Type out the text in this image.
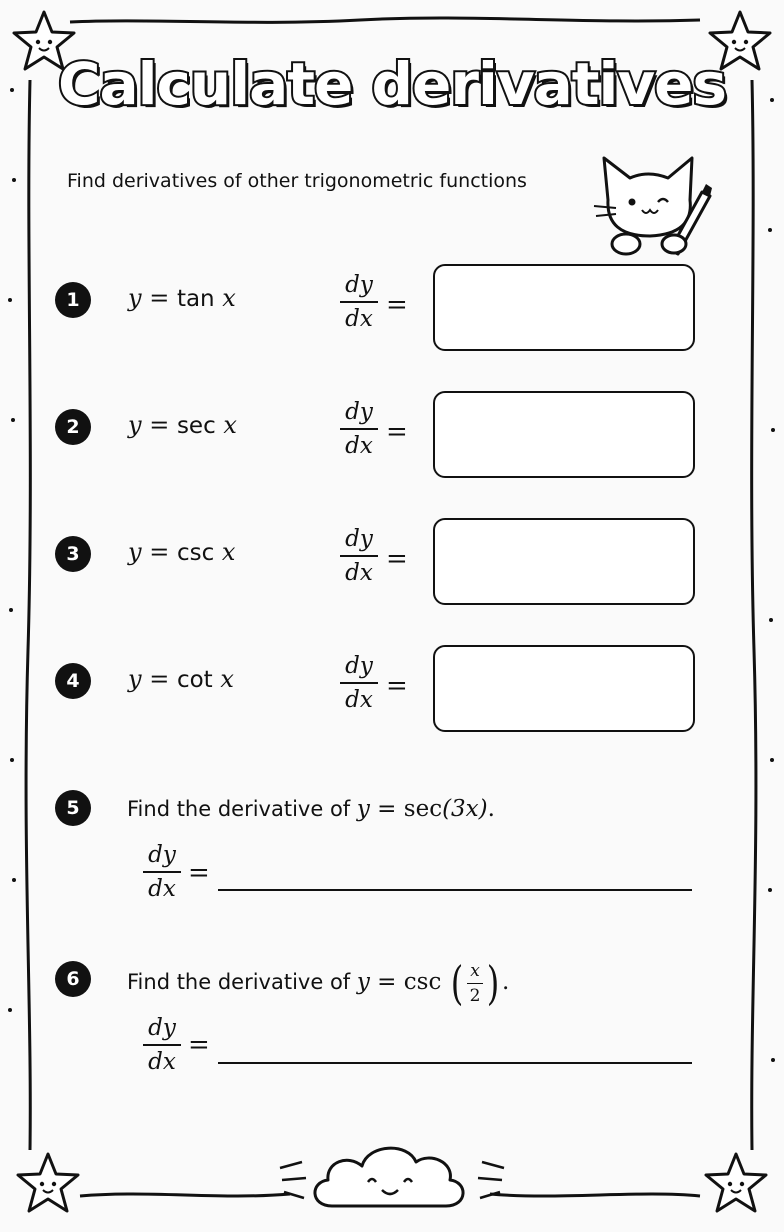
Calculate derivatives
Find derivatives of other trigonometric functions
1	y = tan x	dy
dx =
2	y = sec x	dy
dx =
3	y = csc x	dy
dx =
4	y = cot x	dy
dx =
5	Find the derivative of y = sec(3x).
dy
dx
=
6	Find the derivative of y = csc ( x
2 ) .
dy
dx
=
